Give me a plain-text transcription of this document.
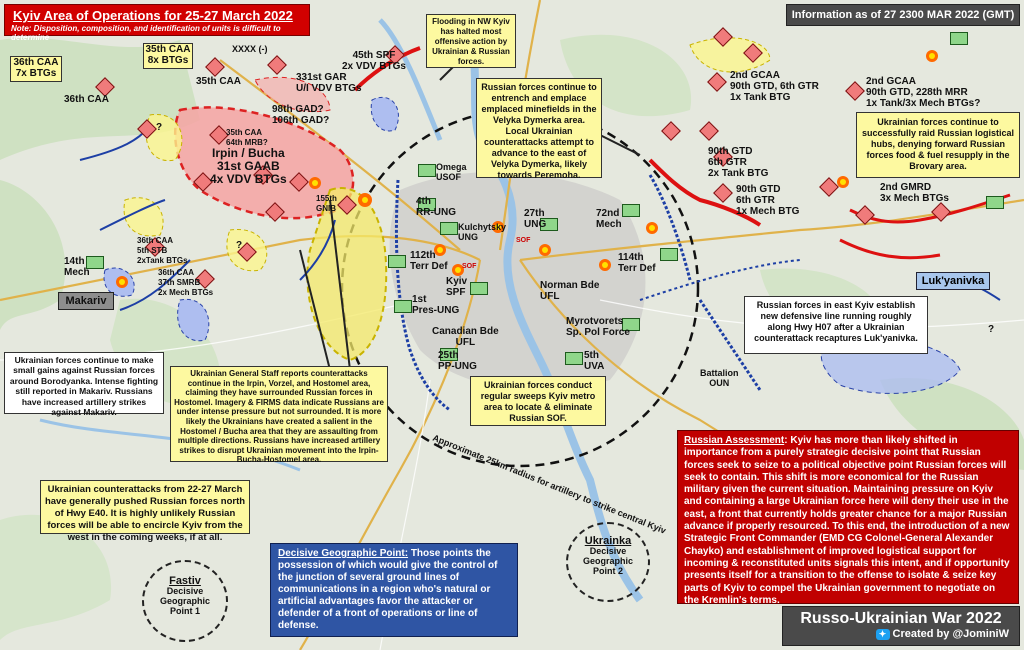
Approximate 25km radius for artillery to strike central Kyiv
Kyiv Area of Operations for 25-27 March 2022
Note: Disposition, composition, and identification of units is difficult to determine
Information as of 27 2300 MAR 2022 (GMT)
36th CAA
7x BTGs
35th CAA
8x BTGs
35th CAA
36th CAA
XXXX (-)
45th SPF
2x VDV BTGs
331st GAR
U/I VDV BTGs
98th GAD?
106th GAD?
35th CAA
64th MRB?
Irpin / Bucha
31st GAAB
4x VDV BTGs
155th
GNIB
36th CAA
5th STB
2xTank BTGs
36th CAA
37th SMRB
2x Mech BTGs
2nd GCAA
90th GTD, 6th GTR
1x Tank BTG
2nd GCAA
90th GTD, 228th MRR
1x Tank/3x Mech BTGs?
90th GTD
6th GTR
2x Tank BTG
90th GTD
6th GTR
1x Mech BTG
2nd GMRD
3x Mech BTGs
14th
Mech
Omega
USOF
4th
RR-UNG
Kulchytsky
UNG
112th
Terr Def
Kyiv
SPF
1st
Pres-UNG
Canadian Bde
UFL
25th
PP-UNG
27th
UNG
72nd
Mech
Norman Bde
UFL
114th
Terr Def
Myrotvorets
Sp. Pol Force
5th
UVA
Battalion
OUN
?
?
?
SOF
SOF
Makariv
Luk'yanivka
Fastiv
Decisive
Geographic
Point 1
Ukrainka
Decisive
Geographic
Point 2
Flooding in NW Kyiv has halted most offensive action by Ukrainian & Russian forces.
Russian forces continue to entrench and emplace emplaced minefields in the Velyka Dymerka area. Local Ukrainian counterattacks attempt to advance to the east of Velyka Dymerka, likely towards Peremoha.
Ukrainian forces continue to successfully raid Russian logistical hubs, denying forward Russian forces food & fuel resupply in the Brovary area.
Russian forces in east Kyiv establish new defensive line running roughly along Hwy H07 after a Ukrainian counterattack recaptures Luk'yanivka.
Ukrainian forces continue to make small gains against Russian forces around Borodyanka. Intense fighting still reported in Makariv. Russians have increased artillery strikes against Makariv.
Ukrainian General Staff reports counterattacks continue in the Irpin, Vorzel, and Hostomel area, claiming they have surrounded Russian forces in Hostomel. Imagery & FIRMS data indicate Russians are under intense pressure but not surrounded. It is more likely the Ukrainians have created a salient in the Hostomel / Bucha area that they are assaulting from multiple directions. Russians have increased artillery strikes to disrupt Ukrainian movement into the Irpin-Bucha-Hostomel area.
Ukrainian forces conduct regular sweeps Kyiv metro area to locate & eliminate Russian SOF.
Ukrainian counterattacks from 22-27 March have generally pushed Russian forces north of Hwy E40. It is highly unlikely Russian forces will be able to encircle Kyiv from the west in the coming weeks, if at all.
Russian Assessment: Kyiv has more than likely shifted in importance from a purely strategic decisive point that Russian forces seek to seize to a political objective point Russian forces will seek to contain. This shift is more economical for the Russian military given the current situation. Maintaining pressure on Kyiv and containing a large Ukrainian force here will deny their use in the east, a front that currently holds greater chance for a major Russian advance if properly resourced. To this end, the introduction of a new Strategic Front Commander (EMD CG Colonel-General Alexander Chayko) and establishment of improved logistical support for incoming & reconstituted units signals this intent, and if opportunity presents itself for a transition to the offense to isolate & seize key parts of Kyiv to compel the Ukrainian government to negotiate on the Kremlin's terms.
Decisive Geographic Point: Those points the possession of which would give the control of the junction of several ground lines of communications in a region who's natural or artificial advantages favor the attacker or defender of a front of operations or line of defense.	Russo-Ukrainian War 2022
✦ Created by @JominiW
